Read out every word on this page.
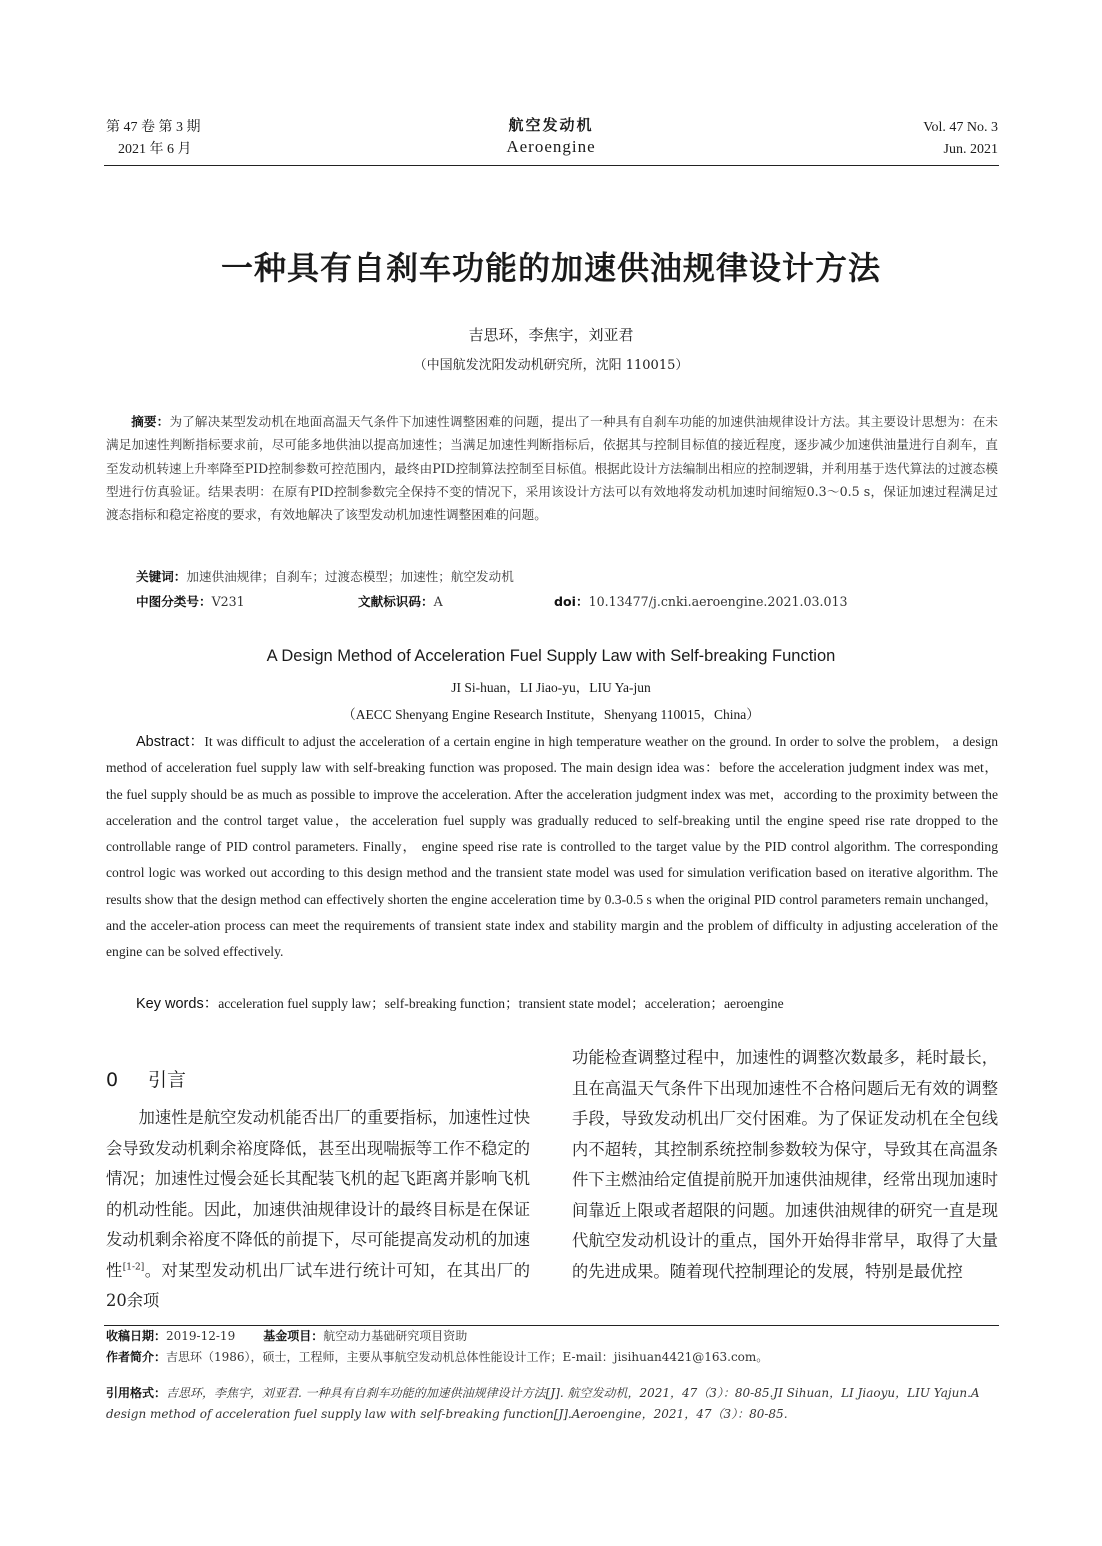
第 47 卷 第 3 期
2021 年 6 月
航空发动机
Aeroengine
Vol. 47 No. 3
Jun. 2021
一种具有自刹车功能的加速供油规律设计方法
吉思环，李焦宇，刘亚君
（中国航发沈阳发动机研究所，沈阳 110015）
摘要：为了解决某型发动机在地面高温天气条件下加速性调整困难的问题，提出了一种具有自刹车功能的加速供油规律设计方法。其主要设计思想为：在未满足加速性判断指标要求前，尽可能多地供油以提高加速性；当满足加速性判断指标后，依据其与控制目标值的接近程度，逐步减少加速供油量进行自刹车，直至发动机转速上升率降至PID控制参数可控范围内，最终由PID控制算法控制至目标值。根据此设计方法编制出相应的控制逻辑，并利用基于迭代算法的过渡态模型进行仿真验证。结果表明：在原有PID控制参数完全保持不变的情况下，采用该设计方法可以有效地将发动机加速时间缩短0.3～0.5 s，保证加速过程满足过渡态指标和稳定裕度的要求，有效地解决了该型发动机加速性调整困难的问题。
关键词：加速供油规律；自刹车；过渡态模型；加速性；航空发动机
中图分类号：V231	文献标识码：A	doi：10.13477/j.cnki.aeroengine.2021.03.013
A Design Method of Acceleration Fuel Supply Law with Self-breaking Function
JI Si-huan，LI Jiao-yu，LIU Ya-jun
（AECC Shenyang Engine Research Institute，Shenyang 110015，China）
Abstract：It was difficult to adjust the acceleration of a certain engine in high temperature weather on the ground. In order to solve the problem， a design method of acceleration fuel supply law with self-breaking function was proposed. The main design idea was：before the acceleration judgment index was met，the fuel supply should be as much as possible to improve the acceleration. After the acceleration judgment index was met，according to the proximity between the acceleration and the control target value，the acceleration fuel supply was gradually reduced to self-breaking until the engine speed rise rate dropped to the controllable range of PID control parameters. Finally， engine speed rise rate is controlled to the target value by the PID control algorithm. The corresponding control logic was worked out according to this design method and the transient state model was used for simulation verification based on iterative algorithm. The results show that the design method can effectively shorten the engine acceleration time by 0.3-0.5 s when the original PID control parameters remain unchanged，and the acceler-ation process can meet the requirements of transient state index and stability margin and the problem of difficulty in adjusting acceleration of the engine can be solved effectively.
Key words：acceleration fuel supply law；self-breaking function；transient state model；acceleration；aeroengine
0 引言

加速性是航空发动机能否出厂的重要指标，加速性过快会导致发动机剩余裕度降低，甚至出现喘振等工作不稳定的情况；加速性过慢会延长其配装飞机的起飞距离并影响飞机的机动性能。因此，加速供油规律设计的最终目标是在保证发动机剩余裕度不降低的前提下，尽可能提高发动机的加速性[1-2]。对某型发动机出厂试车进行统计可知，在其出厂的20余项

功能检查调整过程中，加速性的调整次数最多，耗时最长，且在高温天气条件下出现加速性不合格问题后无有效的调整手段，导致发动机出厂交付困难。为了保证发动机在全包线内不超转，其控制系统控制参数较为保守，导致其在高温条件下主燃油给定值提前脱开加速供油规律，经常出现加速时间靠近上限或者超限的问题。加速供油规律的研究一直是现代航空发动机设计的重点，国外开始得非常早，取得了大量的先进成果。随着现代控制理论的发展，特别是最优控

收稿日期：2019-12-19 基金项目：航空动力基础研究项目资助
作者简介：吉思环（1986），硕士，工程师，主要从事航空发动机总体性能设计工作；E-mail：jisihuan4421@163.com。
引用格式：吉思环，李焦宇，刘亚君. 一种具有自刹车功能的加速供油规律设计方法[J]. 航空发动机，2021，47（3）：80-85.JI Sihuan，LI Jiaoyu，LIU Yajun.A design method of acceleration fuel supply law with self-breaking function[J].Aeroengine，2021，47（3）：80-85.
